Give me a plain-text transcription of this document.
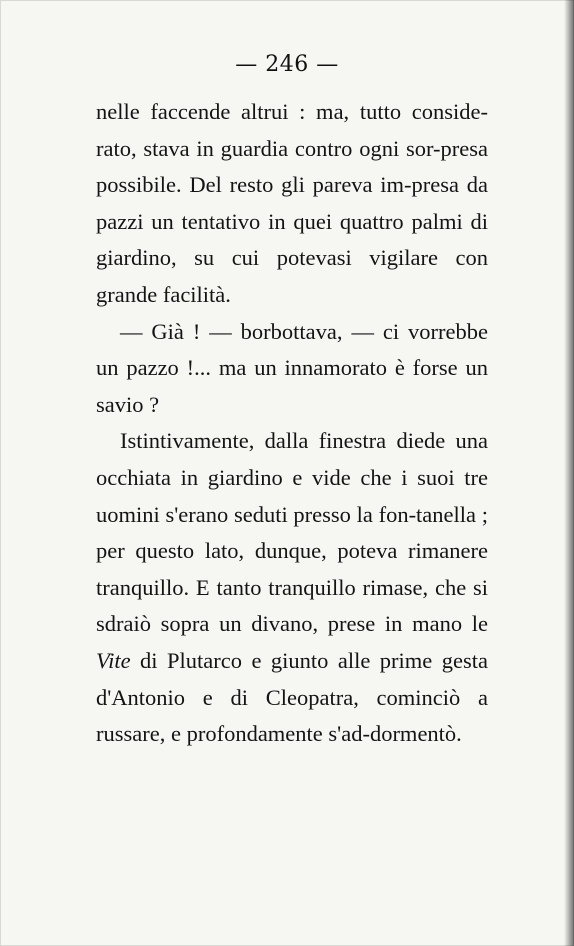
— 246 —

nelle faccende altrui : ma, tutto conside-rato, stava in guardia contro ogni sor-presa possibile. Del resto gli pareva im-presa da pazzi un tentativo in quei quattro palmi di giardino, su cui potevasi vigilare con grande facilità.

— Già ! — borbottava, — ci vorrebbe un pazzo !... ma un innamorato è forse un savio ?

Istintivamente, dalla finestra diede una occhiata in giardino e vide che i suoi tre uomini s'erano seduti presso la fon-tanella ; per questo lato, dunque, poteva rimanere tranquillo. E tanto tranquillo rimase, che si sdraiò sopra un divano, prese in mano le Vite di Plutarco e giunto alle prime gesta d'Antonio e di Cleopatra, cominciò a russare, e profondamente s'ad-dormentò.
